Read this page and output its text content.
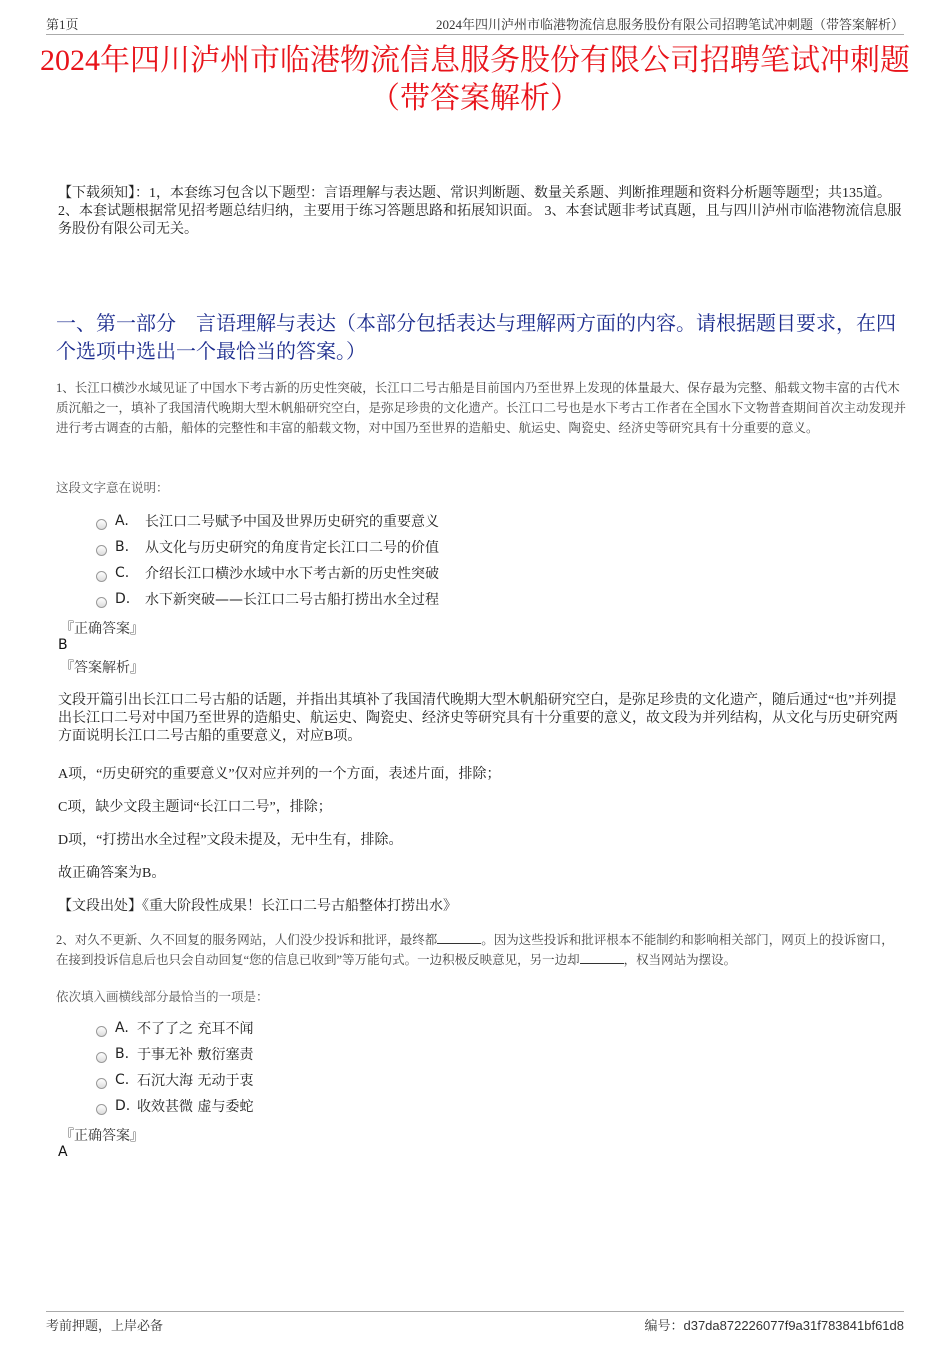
第1页	2024年四川泸州市临港物流信息服务股份有限公司招聘笔试冲刺题（带答案解析）
2024年四川泸州市临港物流信息服务股份有限公司招聘笔试冲刺题（带答案解析）
【下载须知】：1，本套练习包含以下题型：言语理解与表达题、常识判断题、数量关系题、判断推理题和资料分析题等题型；共135道。 2、本套试题根据常见招考题总结归纳，主要用于练习答题思路和拓展知识面。 3、本套试题非考试真题，且与四川泸州市临港物流信息服务股份有限公司无关。
一、第一部分　言语理解与表达（本部分包括表达与理解两方面的内容。请根据题目要求，在四个选项中选出一个最恰当的答案。）
1、长江口横沙水域见证了中国水下考古新的历史性突破，长江口二号古船是目前国内乃至世界上发现的体量最大、保存最为完整、船载文物丰富的古代木质沉船之一，填补了我国清代晚期大型木帆船研究空白，是弥足珍贵的文化遗产。长江口二号也是水下考古工作者在全国水下文物普查期间首次主动发现并进行考古调查的古船，船体的完整性和丰富的船载文物，对中国乃至世界的造船史、航运史、陶瓷史、经济史等研究具有十分重要的意义。
这段文字意在说明：
A.	长江口二号赋予中国及世界历史研究的重要意义
B.	从文化与历史研究的角度肯定长江口二号的价值
C.	介绍长江口横沙水域中水下考古新的历史性突破
D.	水下新突破——长江口二号古船打捞出水全过程
『正确答案』
B
『答案解析』
文段开篇引出长江口二号古船的话题，并指出其填补了我国清代晚期大型木帆船研究空白，是弥足珍贵的文化遗产，随后通过“也”并列提出长江口二号对中国乃至世界的造船史、航运史、陶瓷史、经济史等研究具有十分重要的意义，故文段为并列结构，从文化与历史研究两方面说明长江口二号古船的重要意义，对应B项。
A项，“历史研究的重要意义”仅对应并列的一个方面，表述片面，排除；
C项，缺少文段主题词“长江口二号”，排除；
D项，“打捞出水全过程”文段未提及，无中生有，排除。
故正确答案为B。
【文段出处】《重大阶段性成果！长江口二号古船整体打捞出水》
2、对久不更新、久不回复的服务网站，人们没少投诉和批评，最终都	。因为这些投诉和批评根本不能制约和影响相关部门，网页上的投诉窗口，在接到投诉信息后也只会自动回复“您的信息已收到”等万能句式。一边积极反映意见，另一边却	，权当网站为摆设。
依次填入画横线部分最恰当的一项是：
A. 不了了之 充耳不闻
B. 于事无补 敷衍塞责
C. 石沉大海 无动于衷
D. 收效甚微 虚与委蛇
『正确答案』
A
考前押题，上岸必备	编号：d37da872226077f9a31f783841bf61d8
